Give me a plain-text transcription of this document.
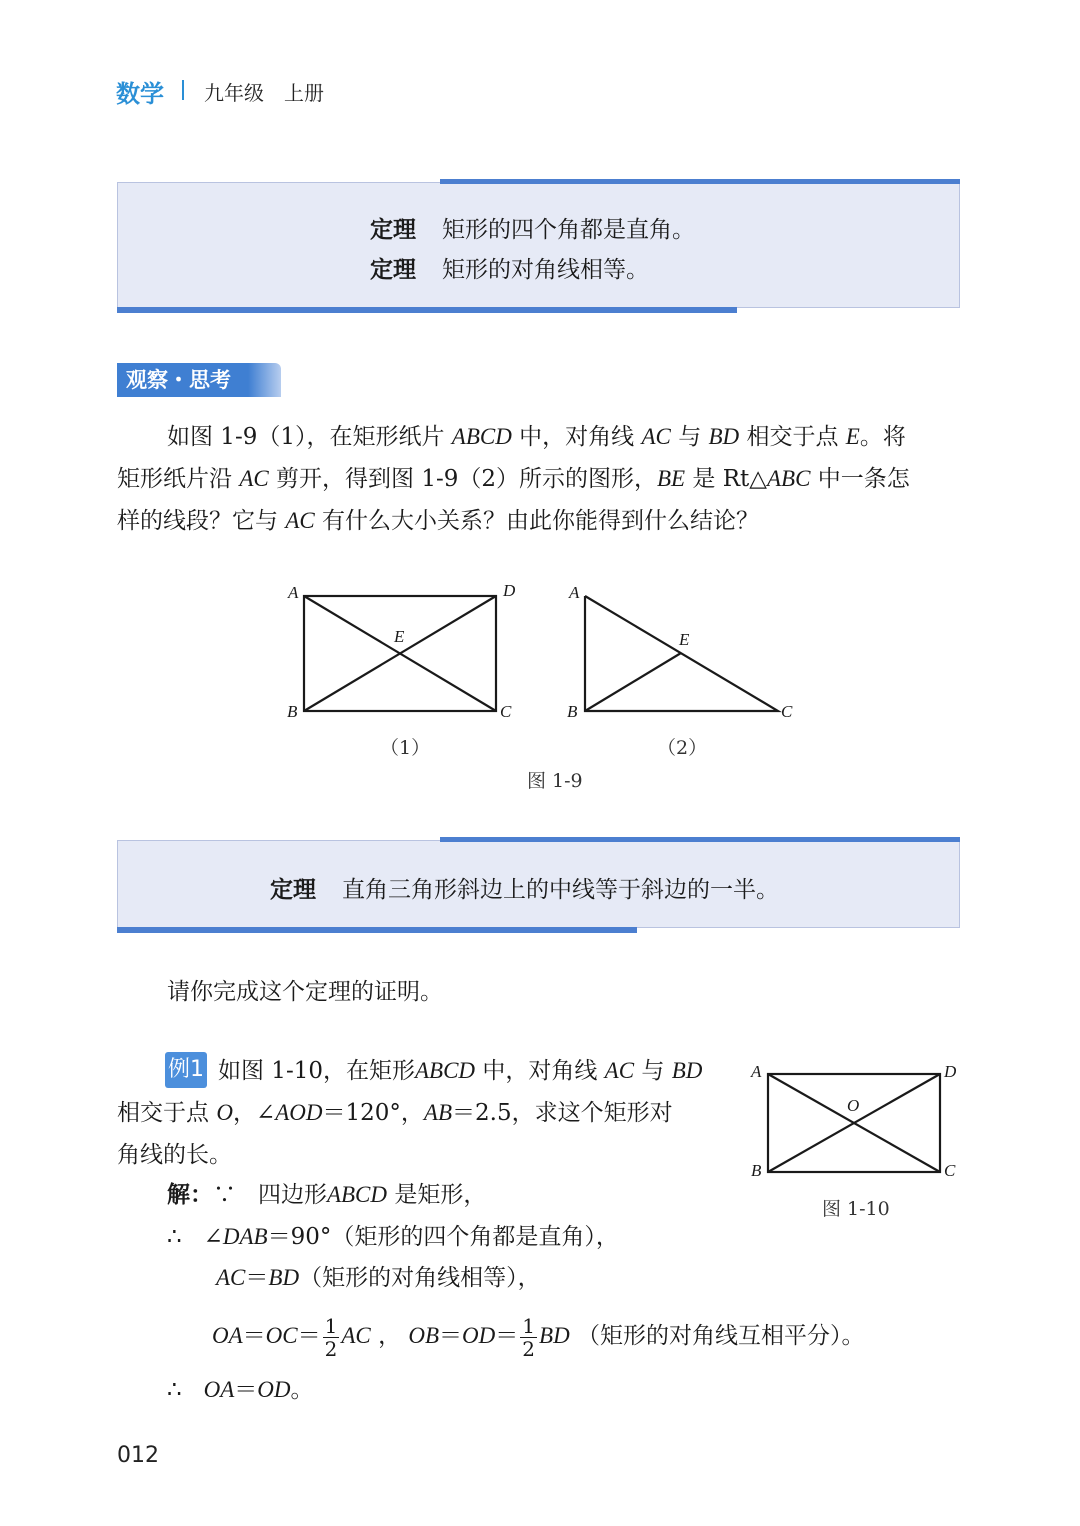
数学 九年级 上册
定理 矩形的四个角都是直角。
定理 矩形的对角线相等。
观察・思考
如图 1-9（1），在矩形纸片 ABCD 中，对角线 AC 与 BD 相交于点 E。将
矩形纸片沿 AC 剪开，得到图 1-9（2）所示的图形，BE 是 Rt△ABC 中一条怎
样的线段？它与 AC 有什么大小关系？由此你能得到什么结论？
A	D
E
B	C
（1）
A
E
B	C
（2）
图 1-9
定理 直角三角形斜边上的中线等于斜边的一半。
请你完成这个定理的证明。
例1 如图 1-10，在矩形ABCD 中，对角线 AC 与 BD
相交于点 O，∠AOD＝120°，AB＝2.5，求这个矩形对
角线的长。
A	D
O
B	C
图 1-10
解：∵ 四边形ABCD 是矩形，
∴ ∠DAB＝90°（矩形的四个角都是直角），
AC＝BD（矩形的对角线相等），
$OA=OC= \frac{1}{2}$ AC ， $OB=OD= \frac{1}{2}$ BD （矩形的对角线互相平分）。
∴ OA＝OD。
012
